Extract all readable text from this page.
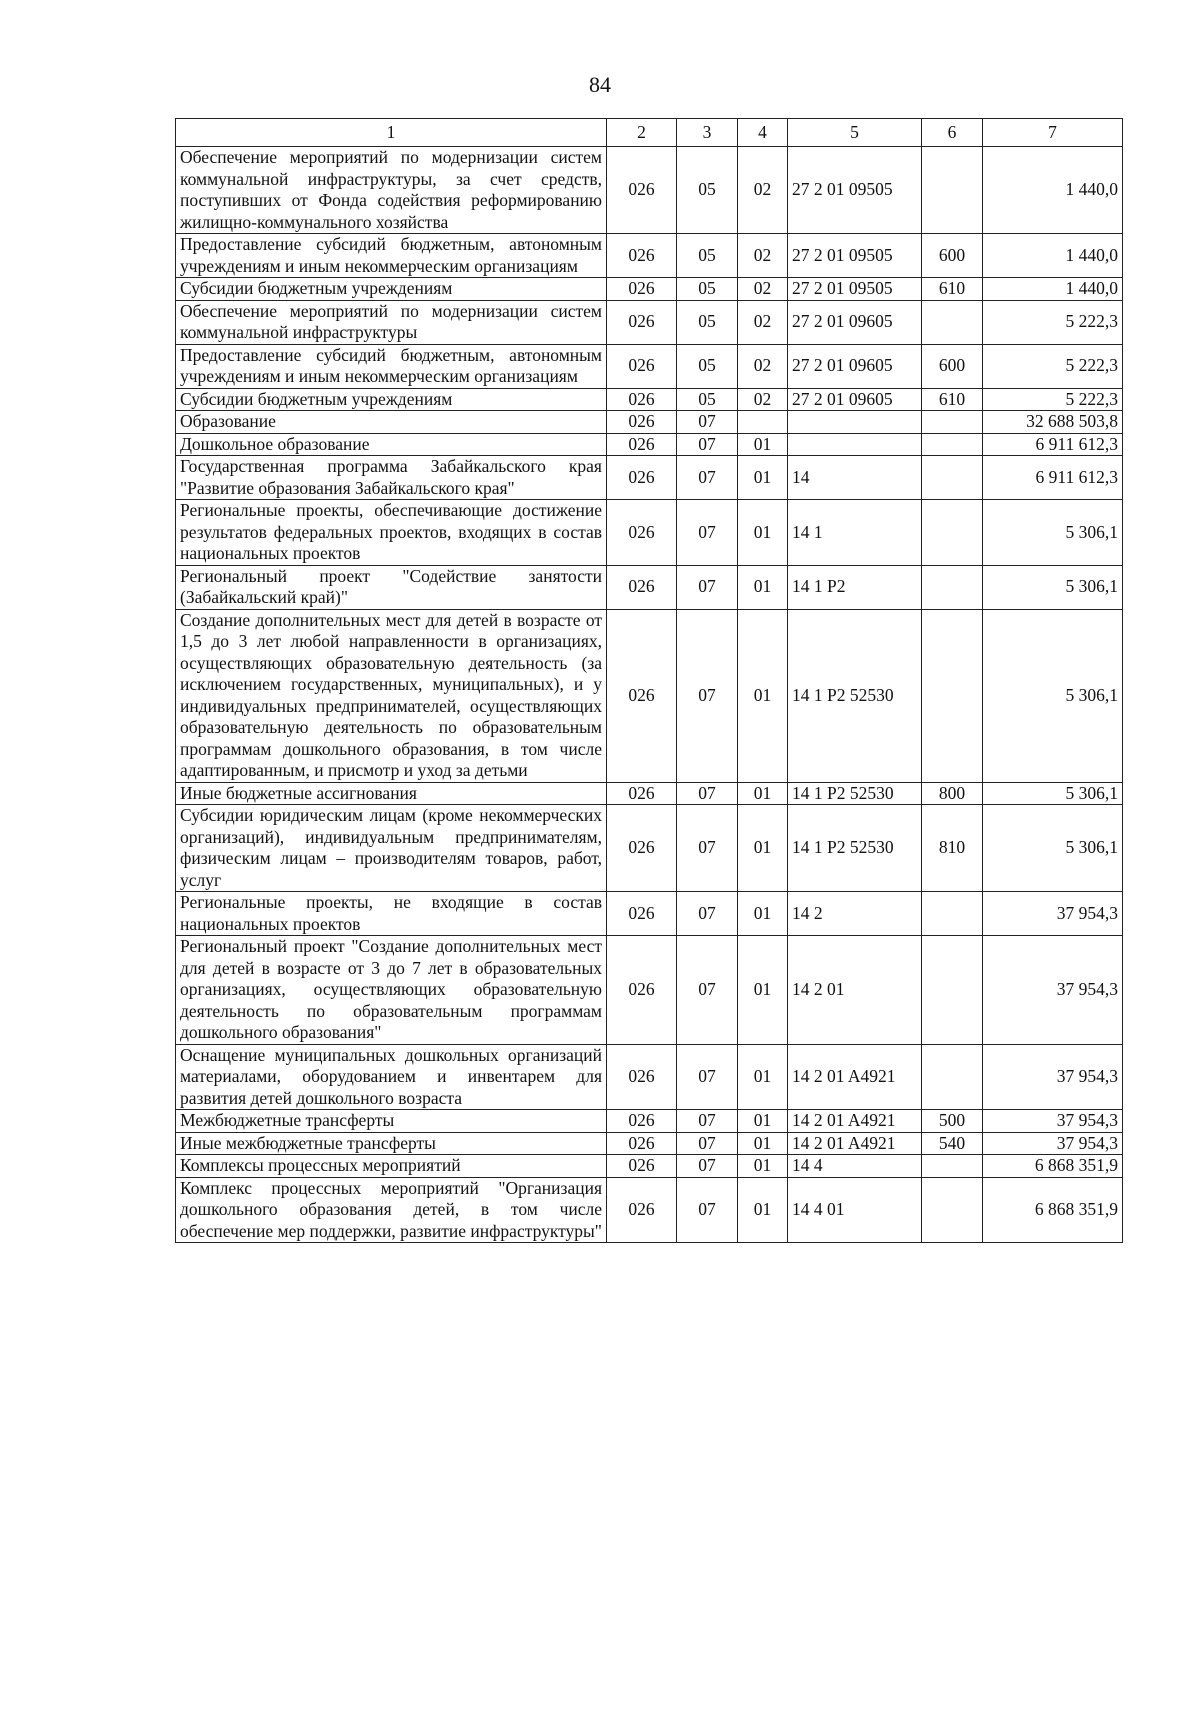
84
1	2	3	4	5	6	7
Обеспечение мероприятий по модернизации систем коммунальной инфраструктуры, за счет средств, поступивших от Фонда содействия реформированию жилищно-коммунального хозяйства	026	05	02	27 2 01 09505		1 440,0
Предоставление субсидий бюджетным, автономным учреждениям и иным некоммерческим организациям	026	05	02	27 2 01 09505	600	1 440,0
Субсидии бюджетным учреждениям	026	05	02	27 2 01 09505	610	1 440,0
Обеспечение мероприятий по модернизации систем коммунальной инфраструктуры	026	05	02	27 2 01 09605		5 222,3
Предоставление субсидий бюджетным, автономным учреждениям и иным некоммерческим организациям	026	05	02	27 2 01 09605	600	5 222,3
Субсидии бюджетным учреждениям	026	05	02	27 2 01 09605	610	5 222,3
Образование	026	07				32 688 503,8
Дошкольное образование	026	07	01			6 911 612,3
Государственная программа Забайкальского края "Развитие образования Забайкальского края"	026	07	01	14		6 911 612,3
Региональные проекты, обеспечивающие достижение результатов федеральных проектов, входящих в состав национальных проектов	026	07	01	14 1		5 306,1
Региональный проект "Содействие занятости (Забайкальский край)"	026	07	01	14 1 P2		5 306,1
Создание дополнительных мест для детей в возрасте от 1,5 до 3 лет любой направленности в организациях, осуществляющих образовательную деятельность (за исключением государственных, муниципальных), и у индивидуальных предпринимателей, осуществляющих образовательную деятельность по образовательным программам дошкольного образования, в том числе адаптированным, и присмотр и уход за детьми	026	07	01	14 1 P2 52530		5 306,1
Иные бюджетные ассигнования	026	07	01	14 1 P2 52530	800	5 306,1
Субсидии юридическим лицам (кроме некоммерческих организаций), индивидуальным предпринимателям, физическим лицам – производителям товаров, работ, услуг	026	07	01	14 1 P2 52530	810	5 306,1
Региональные проекты, не входящие в состав национальных проектов	026	07	01	14 2		37 954,3
Региональный проект "Создание дополнительных мест для детей в возрасте от 3 до 7 лет в образовательных организациях, осуществляющих образовательную деятельность по образовательным программам дошкольного образования"	026	07	01	14 2 01		37 954,3
Оснащение муниципальных дошкольных организаций материалами, оборудованием и инвентарем для развития детей дошкольного возраста	026	07	01	14 2 01 A4921		37 954,3
Межбюджетные трансферты	026	07	01	14 2 01 A4921	500	37 954,3
Иные межбюджетные трансферты	026	07	01	14 2 01 A4921	540	37 954,3
Комплексы процессных мероприятий	026	07	01	14 4		6 868 351,9
Комплекс процессных мероприятий "Организация дошкольного образования детей, в том числе обеспечение мер поддержки, развитие инфраструктуры"	026	07	01	14 4 01		6 868 351,9
